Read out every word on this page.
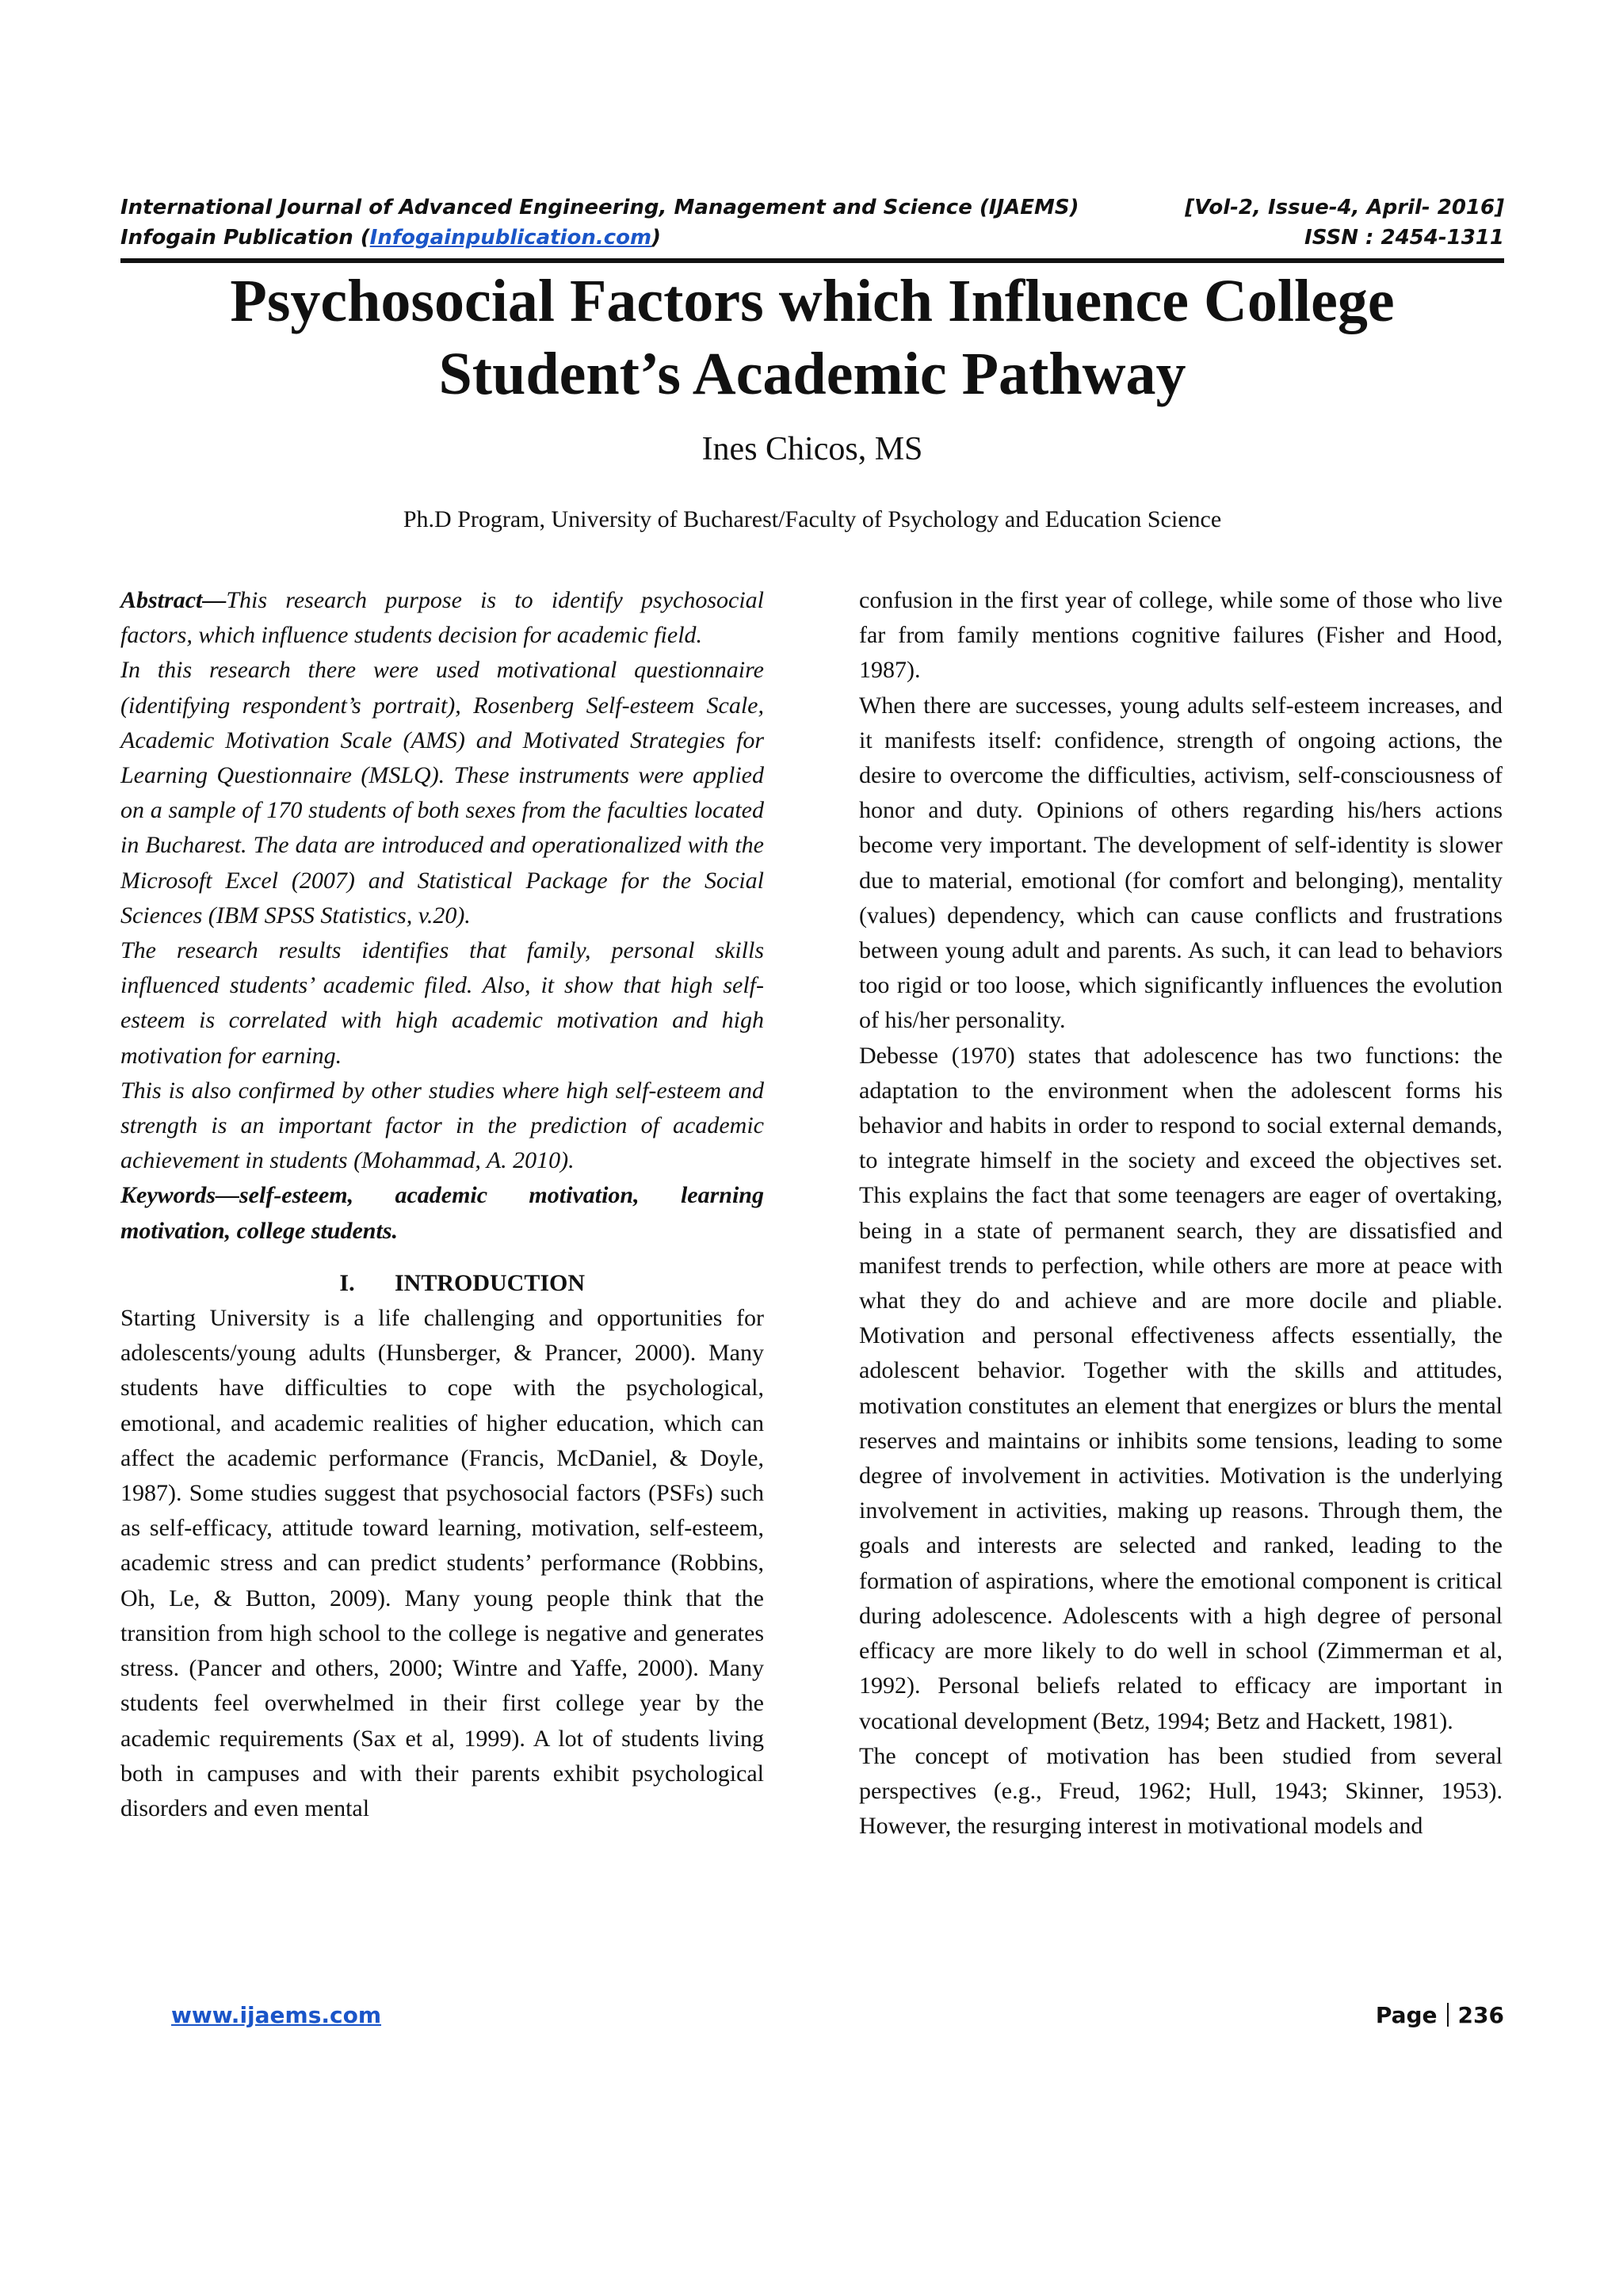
International Journal of Advanced Engineering, Management and Science (IJAEMS)	[Vol-2, Issue-4, April- 2016]
Infogain Publication (Infogainpublication.com)	ISSN : 2454-1311
Psychosocial Factors which Influence College Student’s Academic Pathway
Ines Chicos, MS
Ph.D Program, University of Bucharest/Faculty of Psychology and Education Science

Abstract—This research purpose is to identify psychosocial factors, which influence students decision for academic field.

In this research there were used motivational questionnaire (identifying respondent’s portrait), Rosenberg Self-esteem Scale, Academic Motivation Scale (AMS) and Motivated Strategies for Learning Questionnaire (MSLQ). These instruments were applied on a sample of 170 students of both sexes from the faculties located in Bucharest. The data are introduced and operationalized with the Microsoft Excel (2007) and Statistical Package for the Social Sciences (IBM SPSS Statistics, v.20).

The research results identifies that family, personal skills influenced students’ academic filed. Also, it show that high self-esteem is correlated with high academic motivation and high motivation for earning.

This is also confirmed by other studies where high self-esteem and strength is an important factor in the prediction of academic achievement in students (Mohammad, A. 2010).

Keywords—self-esteem, academic motivation, learning motivation, college students.

I. INTRODUCTION

Starting University is a life challenging and opportunities for adolescents/young adults (Hunsberger, & Prancer, 2000). Many students have difficulties to cope with the psychological, emotional, and academic realities of higher education, which can affect the academic performance (Francis, McDaniel, & Doyle, 1987). Some studies suggest that psychosocial factors (PSFs) such as self-efficacy, attitude toward learning, motivation, self-esteem, academic stress and can predict students’ performance (Robbins, Oh, Le, & Button, 2009). Many young people think that the transition from high school to the college is negative and generates stress. (Pancer and others, 2000; Wintre and Yaffe, 2000). Many students feel overwhelmed in their first college year by the academic requirements (Sax et al, 1999). A lot of students living both in campuses and with their parents exhibit psychological disorders and even mental

confusion in the first year of college, while some of those who live far from family mentions cognitive failures (Fisher and Hood, 1987).

When there are successes, young adults self-esteem increases, and it manifests itself: confidence, strength of ongoing actions, the desire to overcome the difficulties, activism, self-consciousness of honor and duty. Opinions of others regarding his/hers actions become very important. The development of self-identity is slower due to material, emotional (for comfort and belonging), mentality (values) dependency, which can cause conflicts and frustrations between young adult and parents. As such, it can lead to behaviors too rigid or too loose, which significantly influences the evolution of his/her personality.

Debesse (1970) states that adolescence has two functions: the adaptation to the environment when the adolescent forms his behavior and habits in order to respond to social external demands, to integrate himself in the society and exceed the objectives set. This explains the fact that some teenagers are eager of overtaking, being in a state of permanent search, they are dissatisfied and manifest trends to perfection, while others are more at peace with what they do and achieve and are more docile and pliable. Motivation and personal effectiveness affects essentially, the adolescent behavior. Together with the skills and attitudes, motivation constitutes an element that energizes or blurs the mental reserves and maintains or inhibits some tensions, leading to some degree of involvement in activities. Motivation is the underlying involvement in activities, making up reasons. Through them, the goals and interests are selected and ranked, leading to the formation of aspirations, where the emotional component is critical during adolescence. Adolescents with a high degree of personal efficacy are more likely to do well in school (Zimmerman et al, 1992). Personal beliefs related to efficacy are important in vocational development (Betz, 1994; Betz and Hackett, 1981).

The concept of motivation has been studied from several perspectives (e.g., Freud, 1962; Hull, 1943; Skinner, 1953). However, the resurging interest in motivational models and

www.ijaems.com	Page 236
